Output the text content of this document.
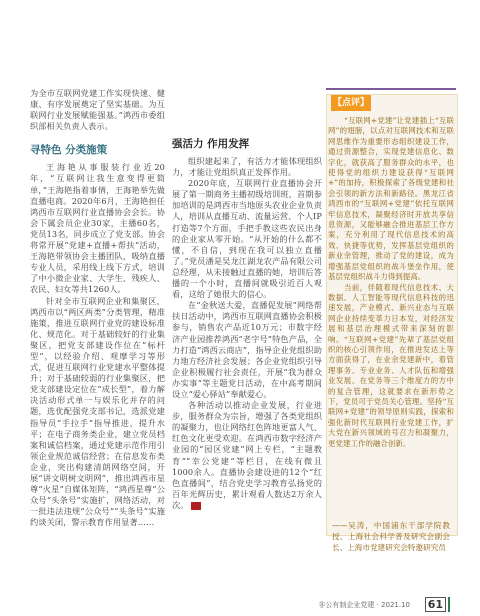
为全市互联网党建工作实现快速、健康、有序发展奠定了坚实基础。为互联网行业发展赋能强基。”鸿西市委组织部相关负责人表示。

寻特色 分类施策

王海艳从事服装行业近20年，“互联网让我生意变得更简单，”王海艳指着事情，王海艳举先做直播电商。2020年6月，王海艳担任鸿西市互联网行业直播协会会长。协会下属会员企业30家，主播60名，党员13名，同步成立了党支部。协会将常开展“党建+直播+帮扶”活动，王海艳带领协会主播团队，吸纳直播专业人员，采用线上线下方式，培训了中小微企业家、大学生、残疾人、农民、妇女等共1260人。

针对全市互联网企业和集聚区，鸿西市以“两区两类”分类管理，精准施策，推进互联网行业党的建设标准化、规范化。对于基础较好的行业集聚区，把党支部建设作位在“标杆型”，以经验介绍、观摩学习等形式，促进互联网行业党建水平整体提升；对于基础较弱的行业集聚区，把党支部建设定位在“成长型”，着力解决活动形式单一与娱乐化并存的问题，选优配强党支部书记，选派党建指导员“手拉手”指导推进，提升水平；在电子商务类企业，建立党员档案和诚信档案，通过党建示范作用引领企业规范诚信经营；在信息发布类企业，突出构建清朗网络空间，开展“讲文明树文明网”，推出鸿西市星尊“火星”自媒体矩阵，“鸿西星尊”公众号“头条号”实施扩，网络活动，对一批违法违规“公众号”“头条号”实施约谈关闭，警示教育作用显著……

强活力 作用发挥

组织建起来了，有活力才能体现组织力，才能让党组织真正发挥作用。

2020年底，互联网行业直播协会开展了第一期商务主播初级培训班，首期参加培训的是鸿西市当地原头农业企业负责人，培训从直播互动、流量运营、个人IP打造等7个方面，手把手教这些农民出身的企业家从零开始。“从开始的什么都不懂，不自信，到现在我可以独立直播了。”党员潘是吴龙江湖龙农产品有限公司总经理，从未接触过直播的她，培训后答播的一个小时，直播间就吸引近百人观看，这给了她很大的信心。

在“金秋送大爱，直播促发展”网络帮扶日活动中，鸿西市互联网直播协会积极参与，销售农产品近10万元；市数字经济产业园推荐鸿西“老字号”特色产品，全力打造“鸿西云商店”，指导企业党组织助力地方经济社会发展；各企业党组织引导企业积极履行社会责任，开展“我为群众办实事”等主题党日活动，在中高考期间设立“爱心驿站”奉献爱心。

各种活动以推动企业发展，行业进步，服务群众为宗旨，增强了各类党组织的凝聚力，也让网络红色阵地更富人气、红色文化更受欢迎。在鸿西市数字经济产业园的“园区党建”网上专栏，“主题教育”“幸公党建”等栏目，在线有微且1000余人。直播协会建设进的12个“红色直播间”，结合党史学习教育弘扬党的百年光辉历史，累计观看人数达2万余人次。

【点评】

“互联网+党建”让党建插上“互联网”的翅膀，以点对互联网技术和互联网思维作为重要形态组织建设工作，通过资源整合，实现党建信息化、数字化，就获高了服务群众的水平，也使得党的组织力建设获得“互联网+”的加持，积极探索了各级党建和社会引领的新方法和新路径。黑龙江省鸿西市的“互联网+党建”依托互联网牢信息技术，凝聚经济时开放共享信息资源，又能够融合推进基层工作方案，充分利用了现代信息技术的高效、快捷等优势，发挥基层党组织的新业余管理，推动了党的建设，成为增强基层党组织的战斗堡垒作用，使基层党组织战斗力得到提高。

当前，伴随着现代信息技术、大数据、人工智能等现代信息科技的迅速发展，产业模式、新兴业态与互联网企业持续变革力日本发，对经济发展和基层治理模式带来深刻的影响。“互联网+党建”先辈了基层党组织的核心引领作用，在推进发达上等方面获得了，在业余党建新中，着管理事务、专业业务、人才队伍和增强业发展、在党务等三个维度力的方中的复合管理，这就要求在新形势之下，党员可于党员关心管理。坚持“互联网+党建”的领导原则实践，探索和强化新时代互联网行业党建工作，扩大党在新兴领域的号召力和凝聚力，更党建工作的融合创新。

——吴涛，中国浦东干部学院教授、上海社会科学普及研究会副会长、上海市党建研究会特邀研究员
非公有制企业党建 · 2021.10 61
